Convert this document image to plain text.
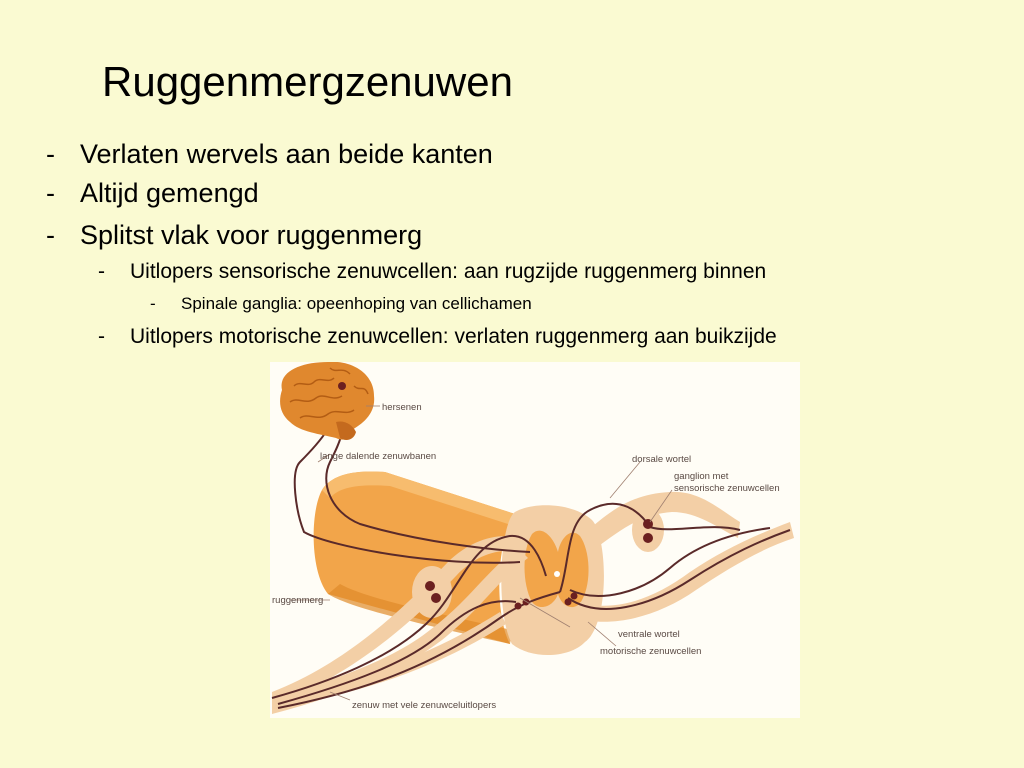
Ruggenmergzenuwen
- Verlaten wervels aan beide kanten
- Altijd gemengd
- Splitst vlak voor ruggenmerg
- Uitlopers sensorische zenuwcellen: aan rugzijde ruggenmerg binnen
- Spinale ganglia: opeenhoping van cellichamen
- Uitlopers motorische zenuwcellen: verlaten ruggenmerg aan buikzijde
hersenen
lange dalende zenuwbanen	dorsale wortel
ganglion met
sensorische zenuwcellen
ruggenmerg
ventrale wortel
motorische zenuwcellen
zenuw met vele zenuwceluitlopers
